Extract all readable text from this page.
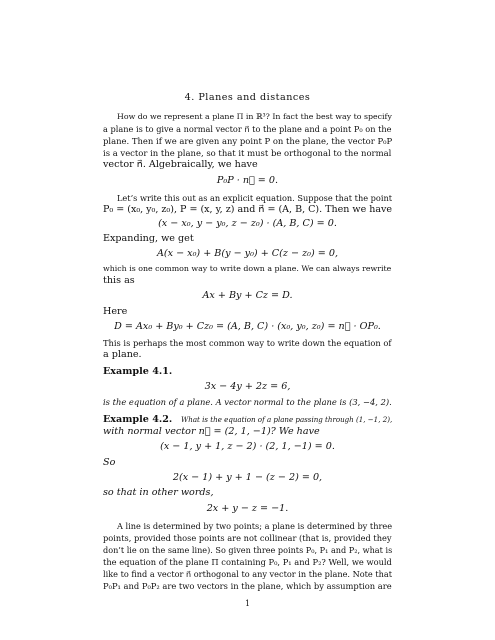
4. Planes and distances
How do we represent a plane Π in ℝ³? In fact the best way to specify
a plane is to give a normal vector n⃗ to the plane and a point P₀ on the
plane. Then if we are given any point P on the plane, the vector P₀P
is a vector in the plane, so that it must be orthogonal to the normal
vector n⃗. Algebraically, we have
P₀P · n⃗ = 0.
Let’s write this out as an explicit equation. Suppose that the point
P₀ = (x₀, y₀, z₀), P = (x, y, z) and n⃗ = (A, B, C). Then we have
(x − x₀, y − y₀, z − z₀) · (A, B, C) = 0.
Expanding, we get
A(x − x₀) + B(y − y₀) + C(z − z₀) = 0,
which is one common way to write down a plane. We can always rewrite
this as
Ax + By + Cz = D.
Here
D = Ax₀ + By₀ + Cz₀ = (A, B, C) · (x₀, y₀, z₀) = n⃗ · OP₀.
This is perhaps the most common way to write down the equation of
a plane.
Example 4.1.
3x − 4y + 2z = 6,
is the equation of a plane. A vector normal to the plane is (3, −4, 2).
Example 4.2. What is the equation of a plane passing through (1, −1, 2),
with normal vector n⃗ = (2, 1, −1)? We have
(x − 1, y + 1, z − 2) · (2, 1, −1) = 0.
So
2(x − 1) + y + 1 − (z − 2) = 0,
so that in other words,
2x + y − z = −1.
A line is determined by two points; a plane is determined by three
points, provided those points are not collinear (that is, provided they
don’t lie on the same line). So given three points P₀, P₁ and P₂, what is
the equation of the plane Π containing P₀, P₁ and P₂? Well, we would
like to find a vector n⃗ orthogonal to any vector in the plane. Note that
P₀P₁ and P₀P₂ are two vectors in the plane, which by assumption are
1
